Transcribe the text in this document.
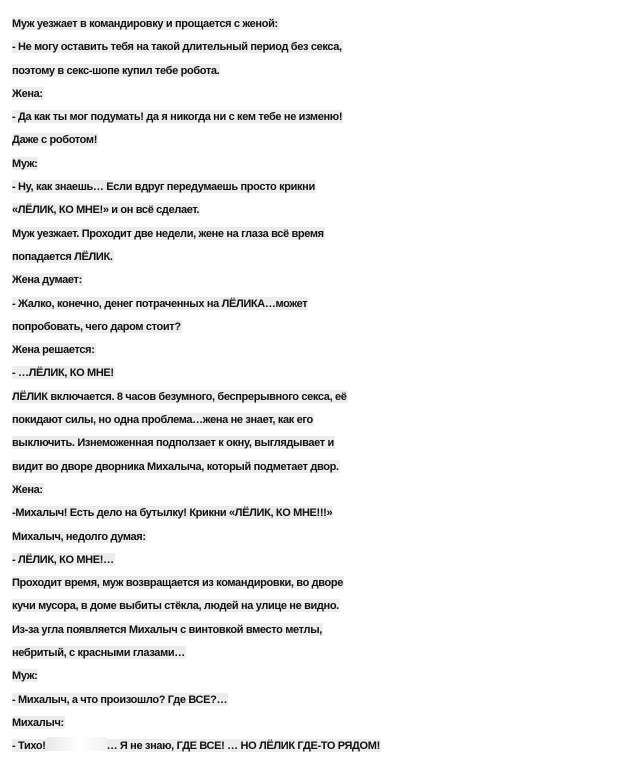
Муж уезжает в командировку и прощается с женой:
- Не могу оставить тебя на такой длительный период без секса,
поэтому в секс-шопе купил тебе робота.
Жена:
- Да как ты мог подумать! да я никогда ни с кем тебе не изменю!
Даже с роботом!
Муж:
- Ну, как знаешь… Если вдруг передумаешь просто крикни
«ЛЁЛИК, КО МНЕ!» и он всё сделает.
Муж уезжает. Проходит две недели, жене на глаза всё время
попадается ЛЁЛИК.
Жена думает:
- Жалко, конечно, денег потраченных на ЛЁЛИКА…может
попробовать, чего даром стоит?
Жена решается:
- …ЛЁЛИК, КО МНЕ!
ЛЁЛИК включается. 8 часов безумного, беспрерывного секса, её
покидают силы, но одна проблема…жена не знает, как его
выключить. Изнеможенная подползает к окну, выглядывает и
видит во дворе дворника Михалыча, который подметает двор.
Жена:
-Михалыч! Есть дело на бутылку! Крикни «ЛЁЛИК, КО МНЕ!!!»
Михалыч, недолго думая:
- ЛЁЛИК, КО МНЕ!…
Проходит время, муж возвращается из командировки, во дворе
кучи мусора, в доме выбиты стёкла, людей на улице не видно.
Из-за угла появляется Михалыч с винтовкой вместо метлы,
небритый, с красными глазами…
Муж:
- Михалыч, а что произошло? Где ВСЕ?…
Михалыч:
- Тихо!	… Я не знаю, ГДЕ ВСЕ! … НО ЛЁЛИК ГДЕ-ТО РЯДОМ!
